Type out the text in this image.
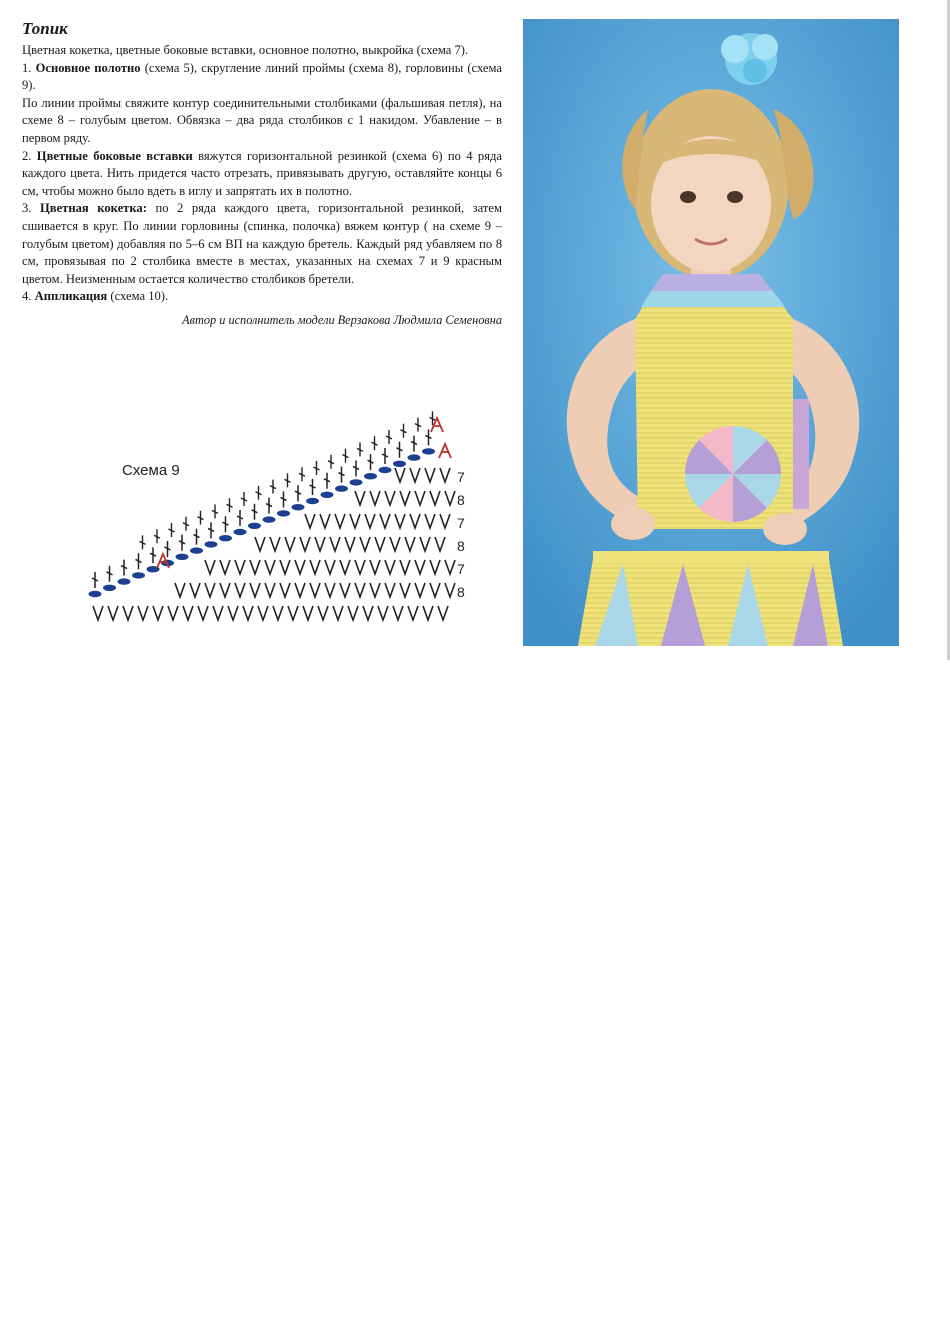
Топик

Цветная кокетка, цветные боковые вставки, основное полотно, выкройка (схема 7).

1. Основное полотно (схема 5), скругление линий проймы (схема 8), горловины (схема 9).

По линии проймы свяжите контур соединительными столбиками (фальшивая петля), на схеме 8 – голубым цветом. Обвязка – два ряда столбиков с 1 накидом. Убавление – в первом ряду.

2. Цветные боковые вставки вяжутся горизонтальной резинкой (схема 6) по 4 ряда каждого цвета. Нить придется часто отрезать, привязывать другую, оставляйте концы 6 см, чтобы можно было вдеть в иглу и запрятать их в полотно.

3. Цветная кокетка: по 2 ряда каждого цвета, горизонтальной резинкой, затем сшивается в круг. По линии горловины (спинка, полочка) вяжем контур ( на схеме 9 – голубым цветом) добавляя по 5–6 см ВП на каждую бретель. Каждый ряд убавляем по 8 см, провязывая по 2 столбика вместе в местах, указанных на схемах 7 и 9 красным цветом. Неизменным остается количество столбиков бретели.

4. Аппликация (схема 10).

Автор и исполнитель модели Верзакова Людмила Семеновна
Схема 9	7
8
7
8
7
8
